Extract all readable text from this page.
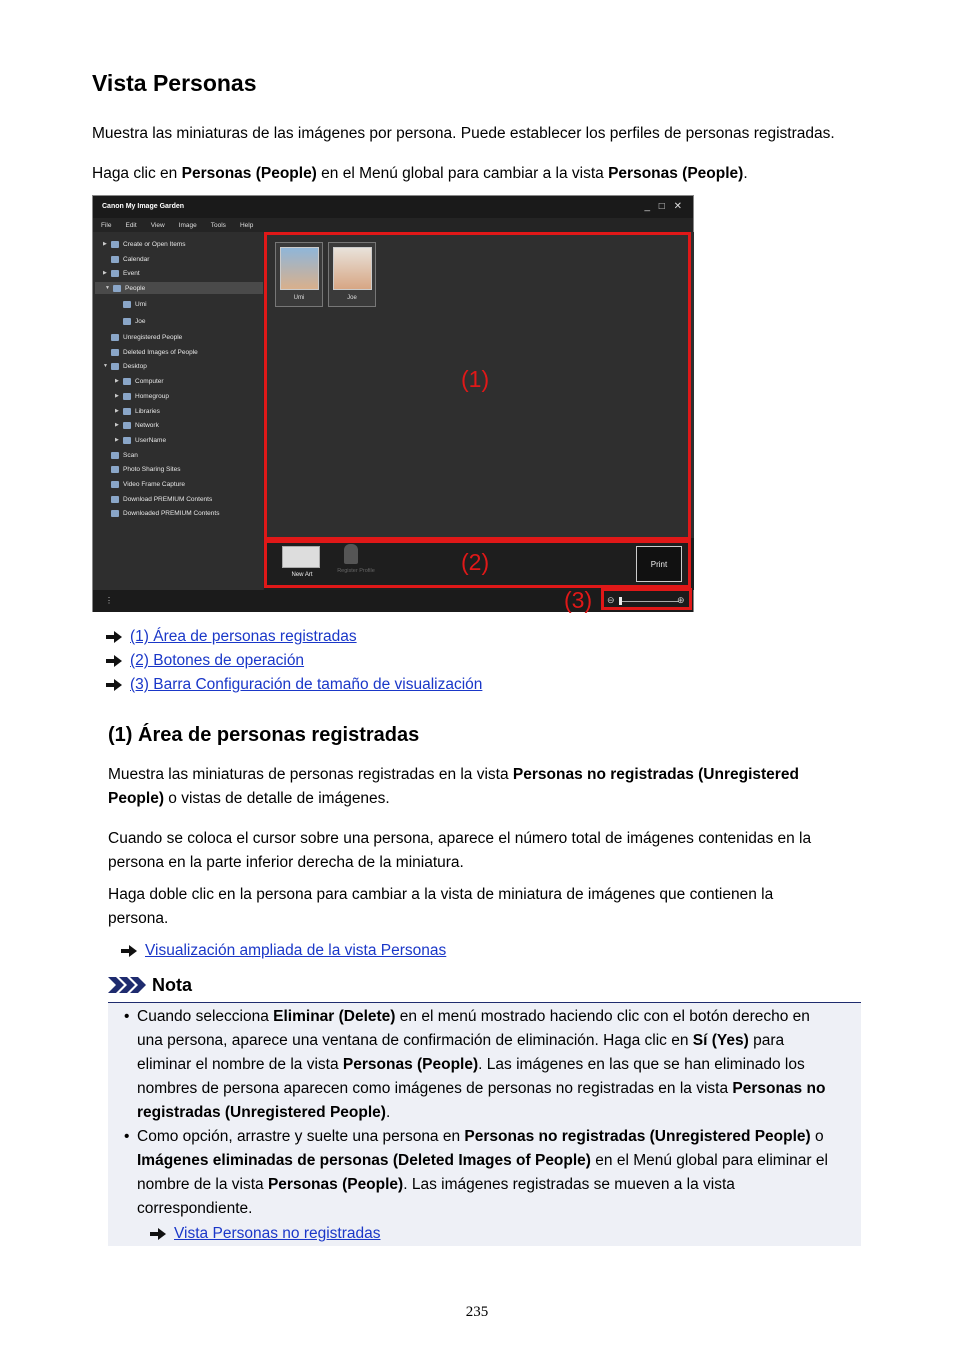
Vista Personas

Muestra las miniaturas de las imágenes por persona. Puede establecer los perfiles de personas registradas.

Haga clic en Personas (People) en el Menú global para cambiar a la vista Personas (People).

Canon My Image Garden	_ □ ✕
File Edit View Image Tools Help
▶	Create or Open Items
Calendar
▶	Event
▼	People
Umi
Joe
Unregistered People
Deleted Images of People
▼	Desktop
▶	Computer
▶	Homegroup
▶	Libraries
▶	Network
▶	UserName
Scan
Photo Sharing Sites
Video Frame Capture
Download PREMIUM Contents
Downloaded PREMIUM Contents
Umi	Joe
New Art
Register Profile
Print
⋮	⊖	⊕
(1)
(2)
(3)
(1) Área de personas registradas
(2) Botones de operación
(3) Barra Configuración de tamaño de visualización
(1) Área de personas registradas

Muestra las miniaturas de personas registradas en la vista Personas no registradas (Unregistered
People) o vistas de detalle de imágenes.

Cuando se coloca el cursor sobre una persona, aparece el número total de imágenes contenidas en la
persona en la parte inferior derecha de la miniatura.

Haga doble clic en la persona para cambiar a la vista de miniatura de imágenes que contienen la
persona.

Visualización ampliada de la vista Personas
Nota
• Cuando selecciona Eliminar (Delete) en el menú mostrado haciendo clic con el botón derecho en
una persona, aparece una ventana de confirmación de eliminación. Haga clic en Sí (Yes) para
eliminar el nombre de la vista Personas (People). Las imágenes en las que se han eliminado los
nombres de persona aparecen como imágenes de personas no registradas en la vista Personas no
registradas (Unregistered People).
• Como opción, arrastre y suelte una persona en Personas no registradas (Unregistered People) o
Imágenes eliminadas de personas (Deleted Images of People) en el Menú global para eliminar el
nombre de la vista Personas (People). Las imágenes registradas se mueven a la vista
correspondiente.
Vista Personas no registradas
235
